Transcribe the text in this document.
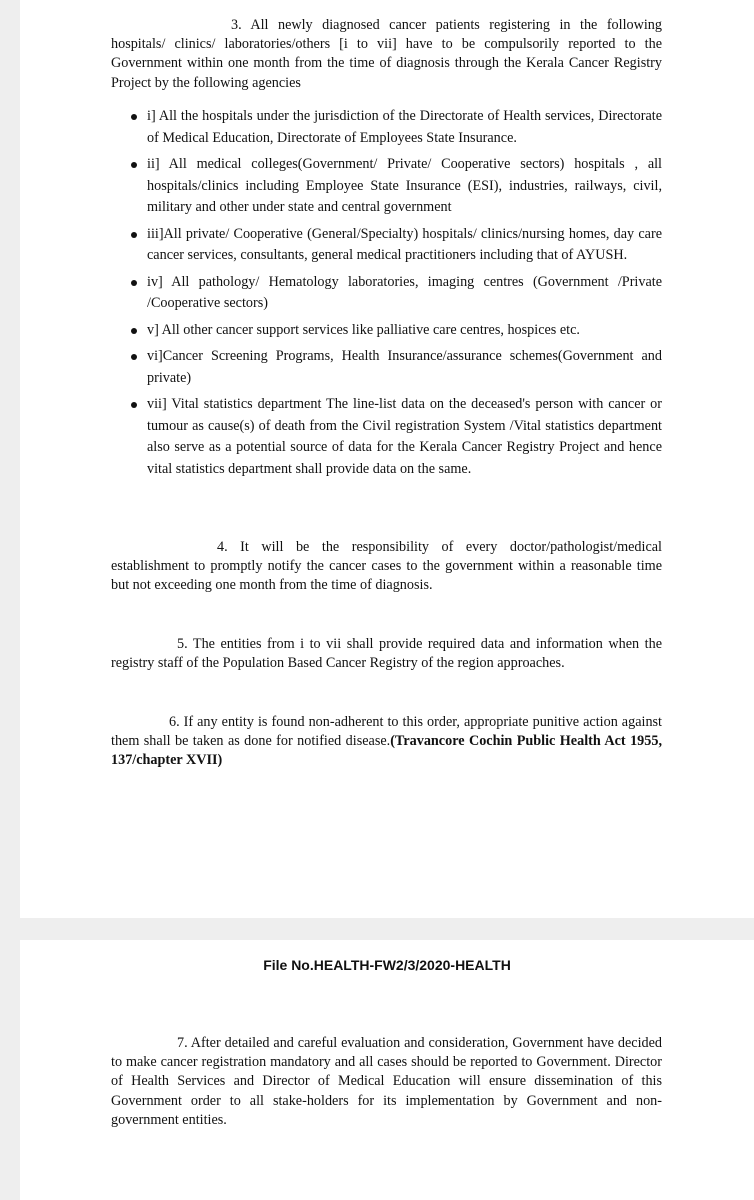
3. All newly diagnosed cancer patients registering in the following hospitals/ clinics/ laboratories/others [i to vii] have to be compulsorily reported to the Government within one month from the time of diagnosis through the Kerala Cancer Registry Project by the following agencies

i] All the hospitals under the jurisdiction of the Directorate of Health services, Directorate of Medical Education, Directorate of Employees State Insurance.
ii] All medical colleges(Government/ Private/ Cooperative sectors) hospitals , all hospitals/clinics including Employee State Insurance (ESI), industries, railways, civil, military and other under state and central government
iii]All private/ Cooperative (General/Specialty) hospitals/ clinics/nursing homes, day care cancer services, consultants, general medical practitioners including that of AYUSH.
iv] All pathology/ Hematology laboratories, imaging centres (Government /Private /Cooperative sectors)
v] All other cancer support services like palliative care centres, hospices etc.
vi]Cancer Screening Programs, Health Insurance/assurance schemes(Government and private)
vii] Vital statistics department The line-list data on the deceased's person with cancer or tumour as cause(s) of death from the Civil registration System /Vital statistics department also serve as a potential source of data for the Kerala Cancer Registry Project and hence vital statistics department shall provide data on the same.

4. It will be the responsibility of every doctor/pathologist/medical establishment to promptly notify the cancer cases to the government within a reasonable time but not exceeding one month from the time of diagnosis.

5. The entities from i to vii shall provide required data and information when the registry staff of the Population Based Cancer Registry of the region approaches.

6. If any entity is found non-adherent to this order, appropriate punitive action against them shall be taken as done for notified disease.(Travancore Cochin Public Health Act 1955, 137/chapter XVII)

File No.HEALTH-FW2/3/2020-HEALTH

7. After detailed and careful evaluation and consideration, Government have decided to make cancer registration mandatory and all cases should be reported to Government. Director of Health Services and Director of Medical Education will ensure dissemination of this Government order to all stake-holders for its implementation by Government and non-government entities.
